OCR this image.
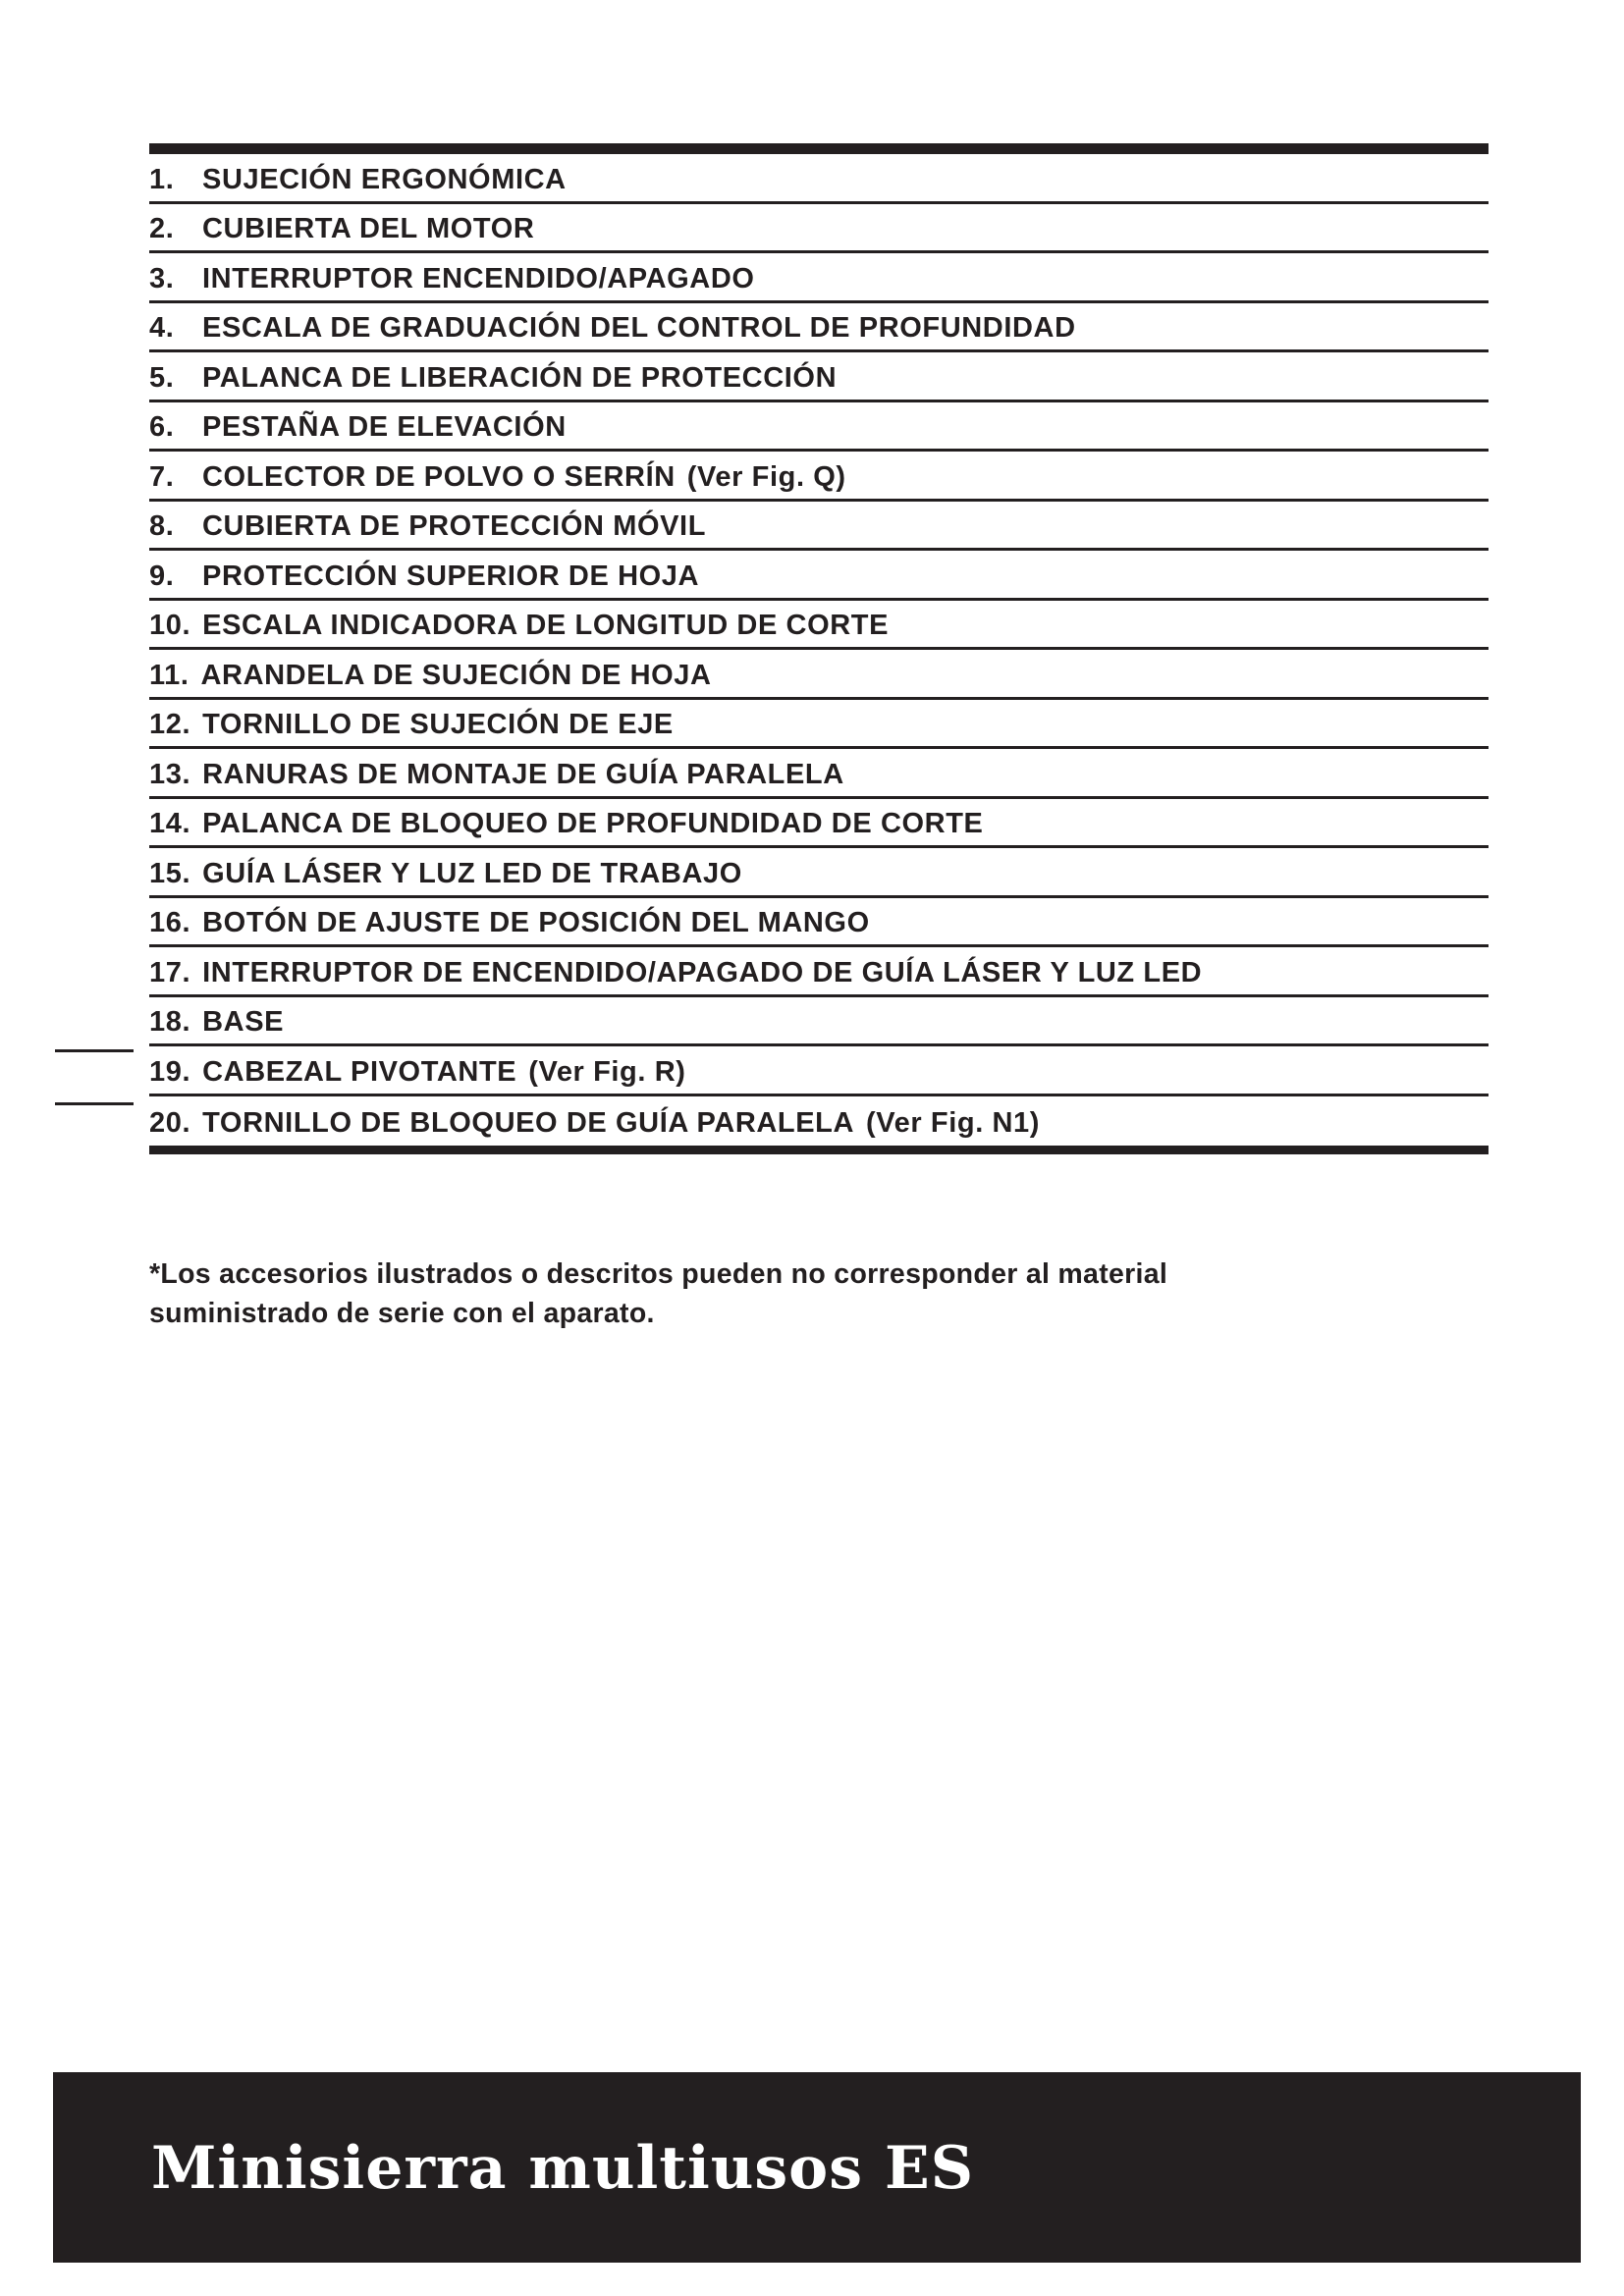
1. SUJECIÓN ERGONÓMICA
2. CUBIERTA DEL MOTOR
3. INTERRUPTOR ENCENDIDO/APAGADO
4. ESCALA DE GRADUACIÓN DEL CONTROL DE PROFUNDIDAD
5. PALANCA DE LIBERACIÓN DE PROTECCIÓN
6. PESTAÑA DE ELEVACIÓN
7. COLECTOR DE POLVO O SERRÍN (Ver Fig. Q)
8. CUBIERTA DE PROTECCIÓN MÓVIL
9. PROTECCIÓN SUPERIOR DE HOJA
10. ESCALA INDICADORA DE LONGITUD DE CORTE
11. ARANDELA DE SUJECIÓN DE HOJA
12. TORNILLO DE SUJECIÓN DE EJE
13. RANURAS DE MONTAJE DE GUÍA PARALELA
14. PALANCA DE BLOQUEO DE PROFUNDIDAD DE CORTE
15. GUÍA LÁSER Y LUZ LED DE TRABAJO
16. BOTÓN DE AJUSTE DE POSICIÓN DEL MANGO
17. INTERRUPTOR DE ENCENDIDO/APAGADO DE GUÍA LÁSER Y LUZ LED
18. BASE
19. CABEZAL PIVOTANTE (Ver Fig. R)
20. TORNILLO DE BLOQUEO DE GUÍA PARALELA (Ver Fig. N1)
*Los accesorios ilustrados o descritos pueden no corresponder al material
suministrado de serie con el aparato.
Minisierra multiusos ES
